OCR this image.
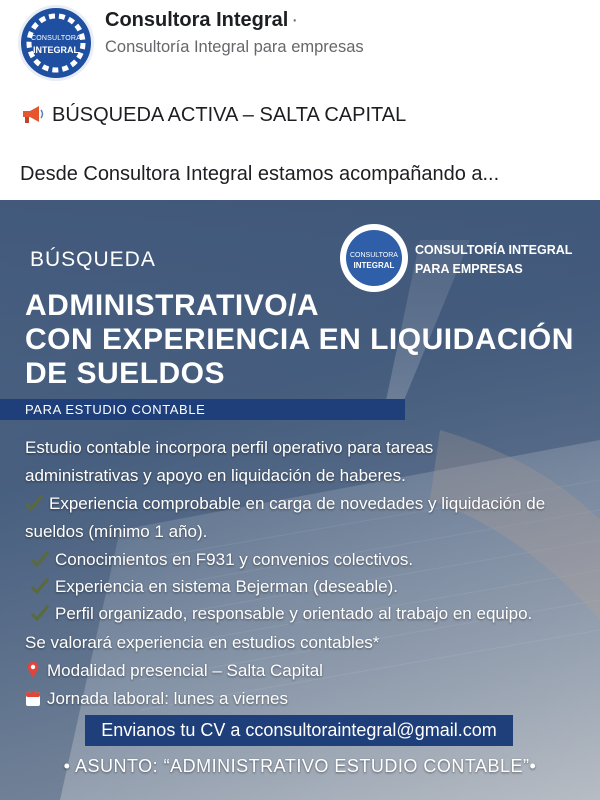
CONSULTORA
INTEGRAL
Consultora Integral ·
Consultoría Integral para empresas
BÚSQUEDA ACTIVA – SALTA CAPITAL
Desde Consultora Integral estamos acompañando a...
CONSULTORA
INTEGRAL
CONSULTORÍA INTEGRAL
PARA EMPRESAS
BÚSQUEDA
ADMINISTRATIVO/A
CON EXPERIENCIA EN LIQUIDACIÓN
DE SUELDOS
PARA ESTUDIO CONTABLE
Estudio contable incorpora perfil operativo para tareas
administrativas y apoyo en liquidación de haberes.
Experiencia comprobable en carga de novedades y liquidación de
sueldos (mínimo 1 año).
Conocimientos en F931 y convenios colectivos.
Experiencia en sistema Bejerman (deseable).
Perfil organizado, responsable y orientado al trabajo en equipo.
Se valorará experiencia en estudios contables*
Modalidad presencial – Salta Capital
Jornada laboral: lunes a viernes
Envianos tu CV a cconsultoraintegral@gmail.com
• ASUNTO: “ADMINISTRATIVO ESTUDIO CONTABLE”•
